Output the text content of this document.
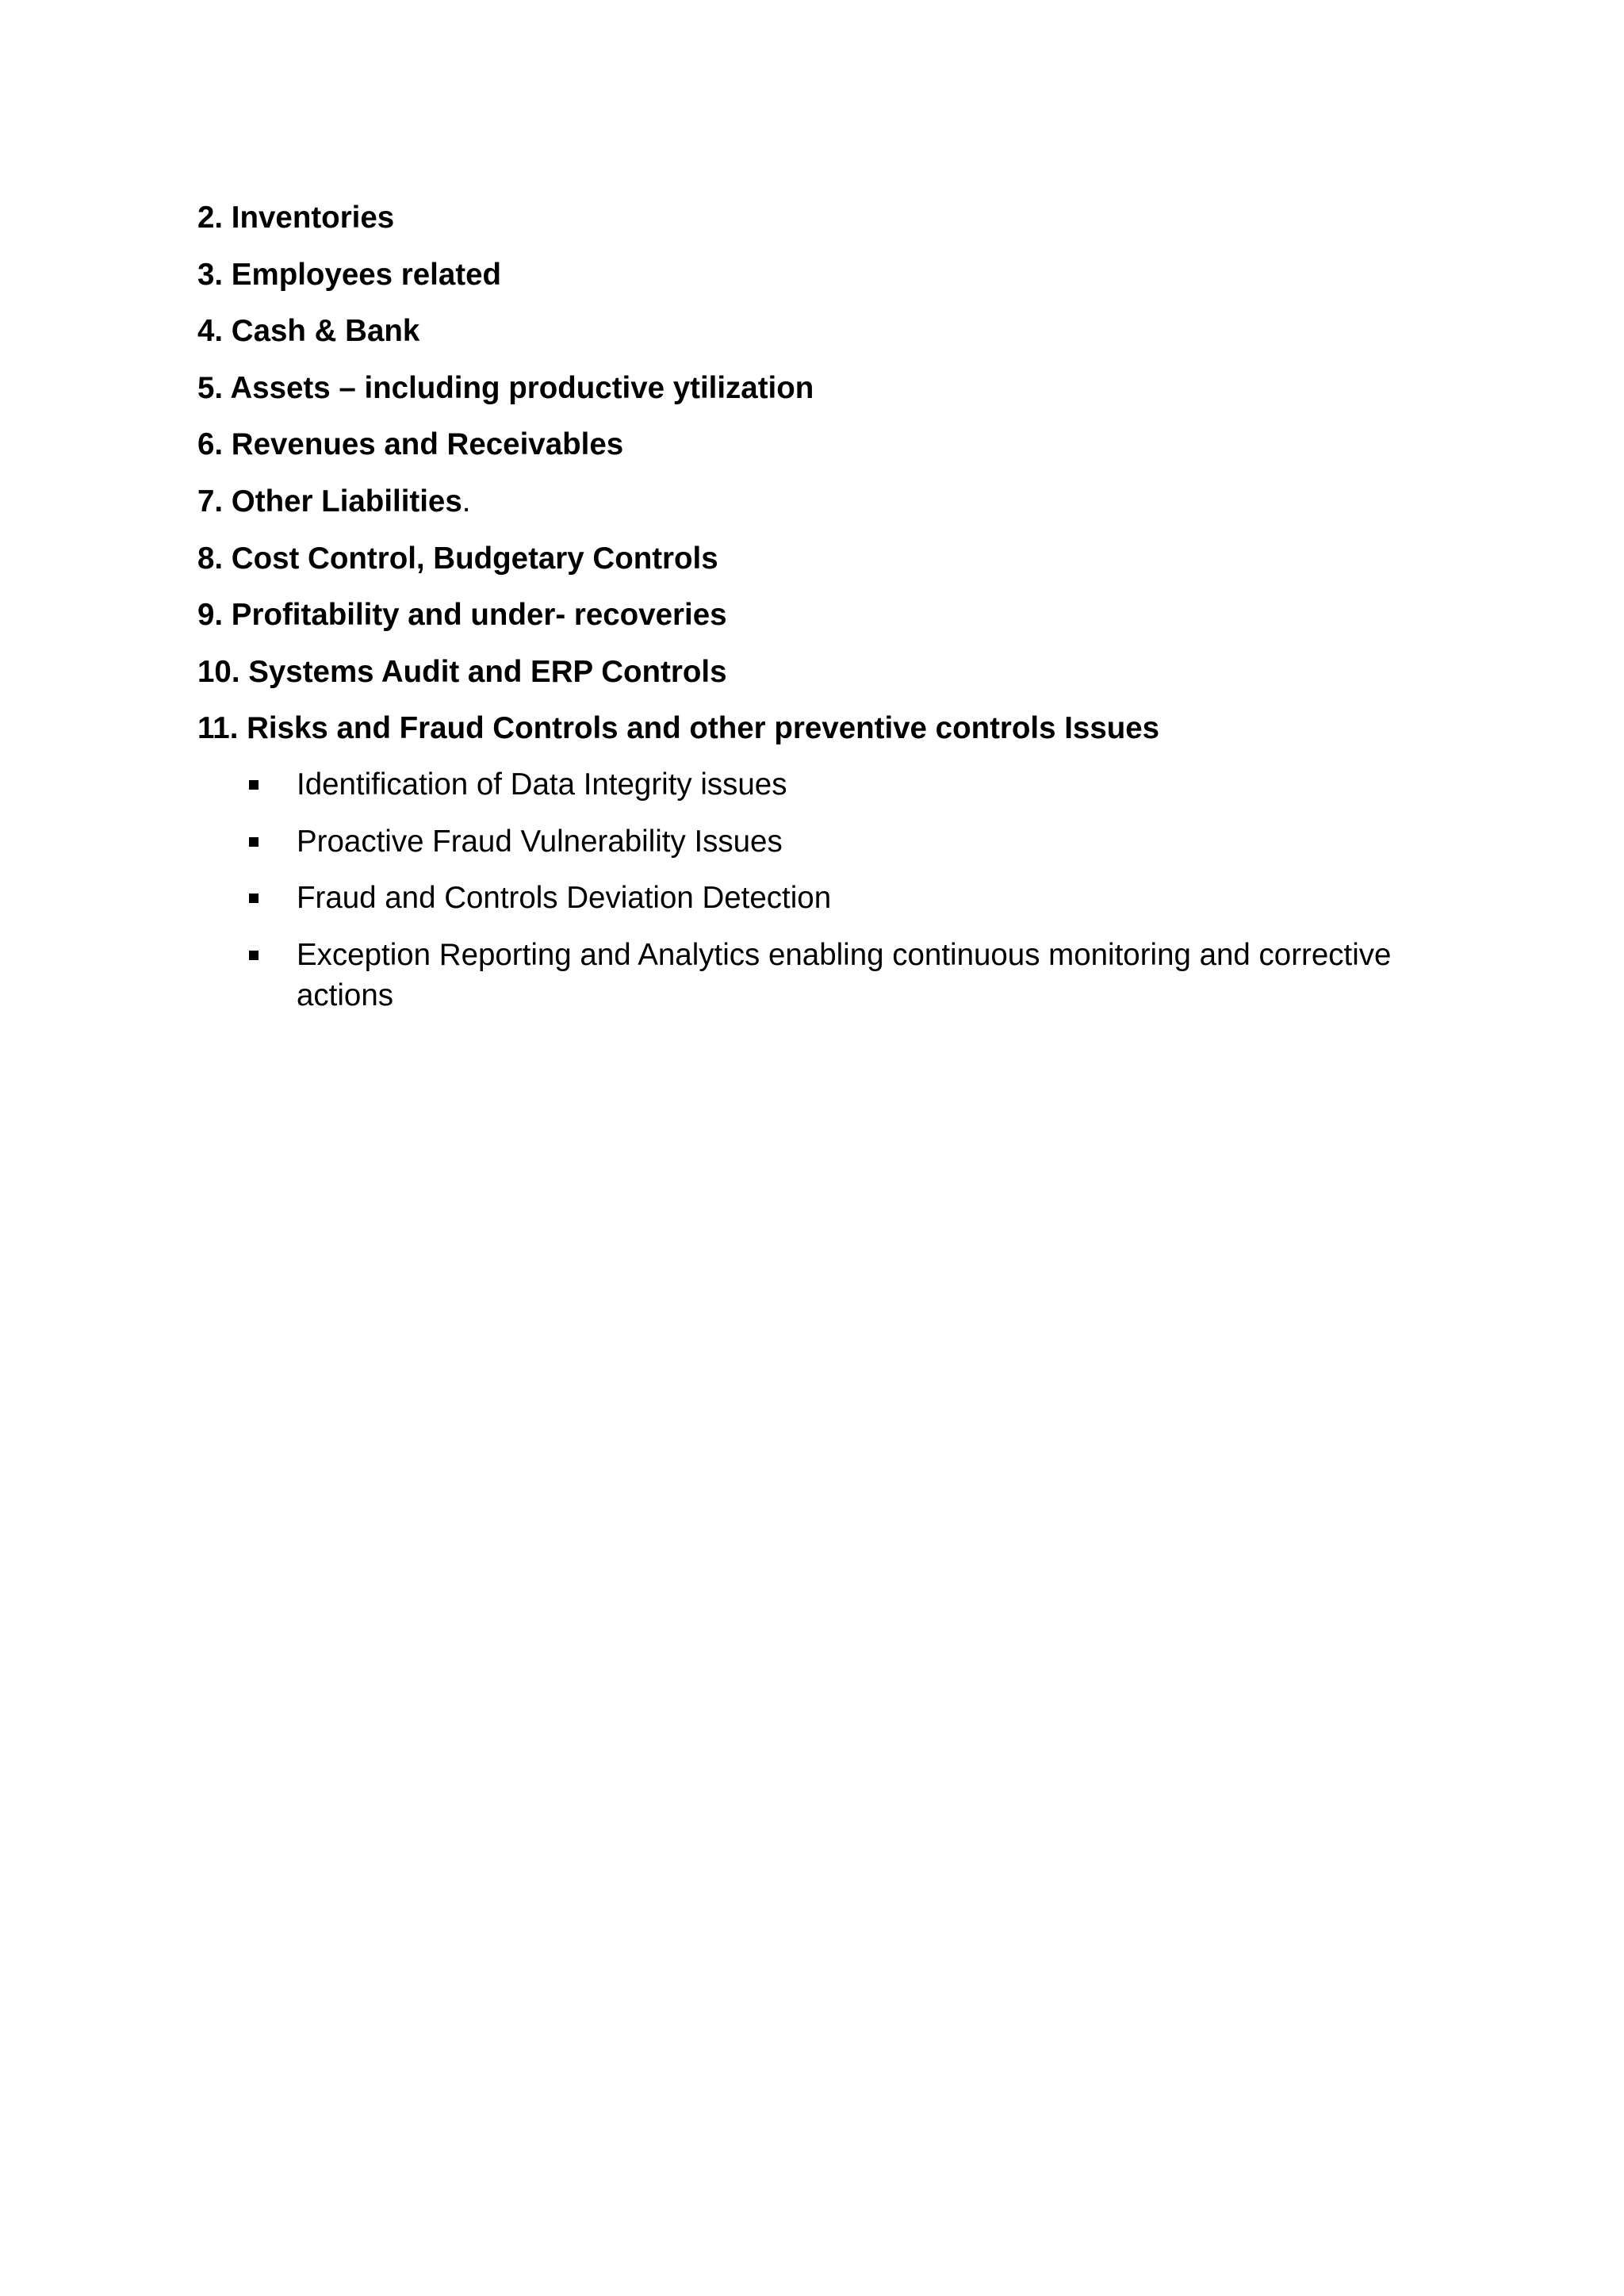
2. Inventories
3. Employees related
4. Cash & Bank
5. Assets – including productive ytilization
6. Revenues and Receivables
7. Other Liabilities.
8. Cost Control, Budgetary Controls
9. Profitability and under- recoveries
10. Systems Audit and ERP Controls
11. Risks and Fraud Controls and other preventive controls Issues
Identification of Data Integrity issues
Proactive Fraud Vulnerability Issues
Fraud and Controls Deviation Detection
Exception Reporting and Analytics enabling continuous monitoring and corrective actions
